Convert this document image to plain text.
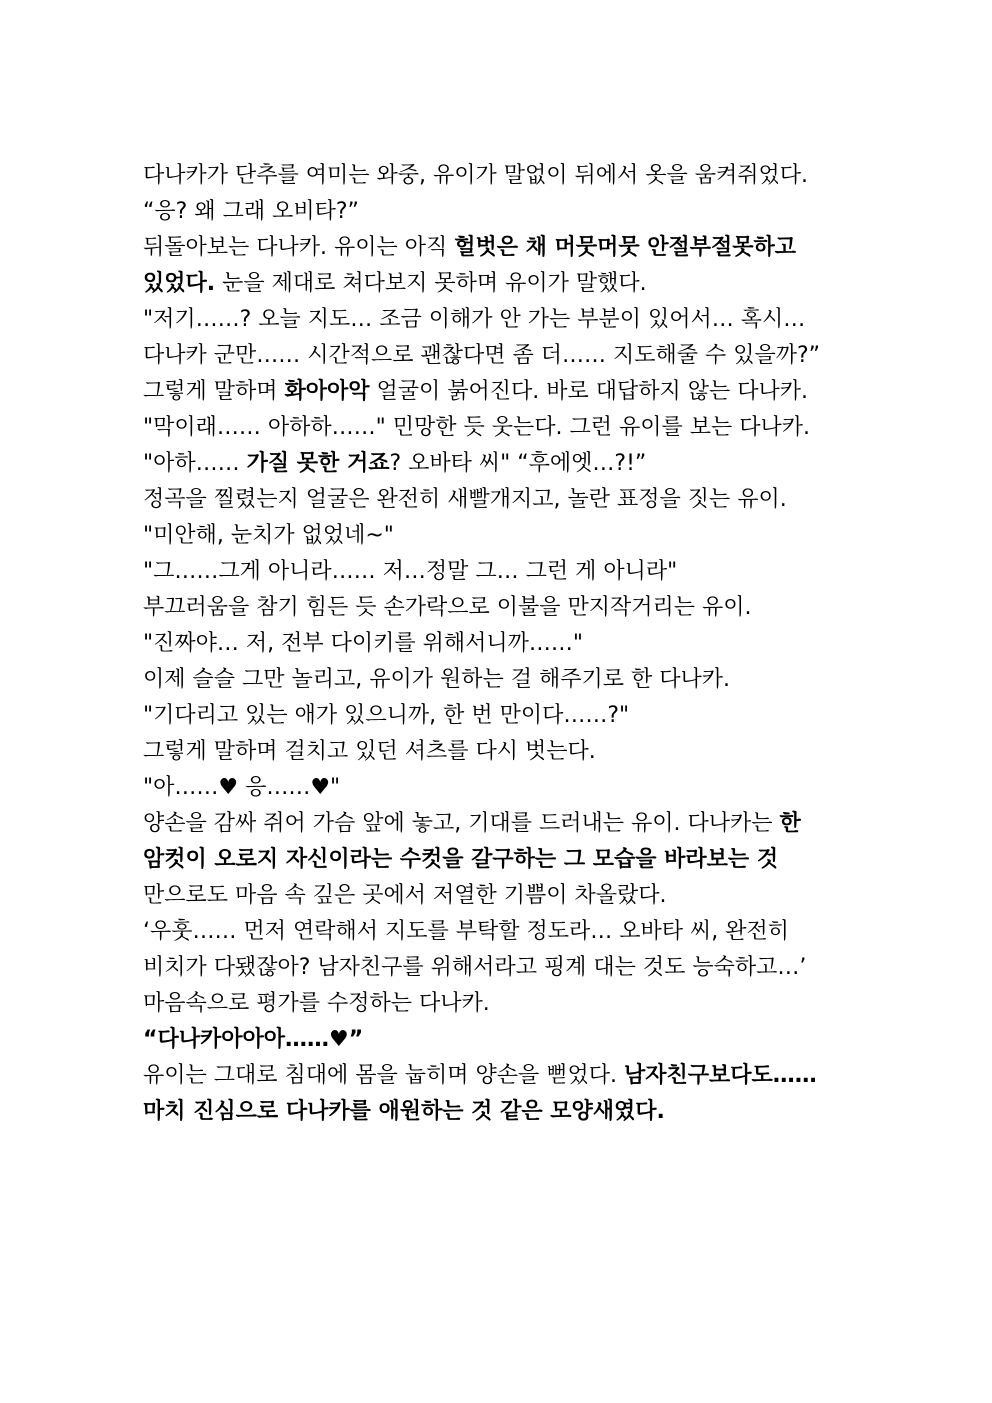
다나카가 단추를 여미는 와중, 유이가 말없이 뒤에서 옷을 움켜쥐었다.
“응? 왜 그래 오비타?”
뒤돌아보는 다나카. 유이는 아직 헐벗은 채 머뭇머뭇 안절부절못하고
있었다. 눈을 제대로 쳐다보지 못하며 유이가 말했다.
"저기……? 오늘 지도… 조금 이해가 안 가는 부분이 있어서… 혹시…
다나카 군만…… 시간적으로 괜찮다면 좀 더…… 지도해줄 수 있을까?”
그렇게 말하며 화아아악 얼굴이 붉어진다. 바로 대답하지 않는 다나카.
"막이래…… 아하하……" 민망한 듯 웃는다. 그런 유이를 보는 다나카.
"아하…… 가질 못한 거죠? 오바타 씨" “후에엣…?!”
정곡을 찔렸는지 얼굴은 완전히 새빨개지고, 놀란 표정을 짓는 유이.
"미안해, 눈치가 없었네~"
"그……그게 아니라…… 저…정말 그… 그런 게 아니라"
부끄러움을 참기 힘든 듯 손가락으로 이불을 만지작거리는 유이.
"진짜야… 저, 전부 다이키를 위해서니까……"
이제 슬슬 그만 놀리고, 유이가 원하는 걸 해주기로 한 다나카.
"기다리고 있는 애가 있으니까, 한 번 만이다……?"
그렇게 말하며 걸치고 있던 셔츠를 다시 벗는다.
"아……♥ 응……♥"
양손을 감싸 쥐어 가슴 앞에 놓고, 기대를 드러내는 유이. 다나카는 한
암컷이 오로지 자신이라는 수컷을 갈구하는 그 모습을 바라보는 것
만으로도 마음 속 깊은 곳에서 저열한 기쁨이 차올랐다.
‘우훗…… 먼저 연락해서 지도를 부탁할 정도라… 오바타 씨, 완전히
비치가 다됐잖아? 남자친구를 위해서라고 핑계 대는 것도 능숙하고…’
마음속으로 평가를 수정하는 다나카.
“다나카아아아……♥”
유이는 그대로 침대에 몸을 눕히며 양손을 뻗었다. 남자친구보다도……
마치 진심으로 다나카를 애원하는 것 같은 모양새였다.
